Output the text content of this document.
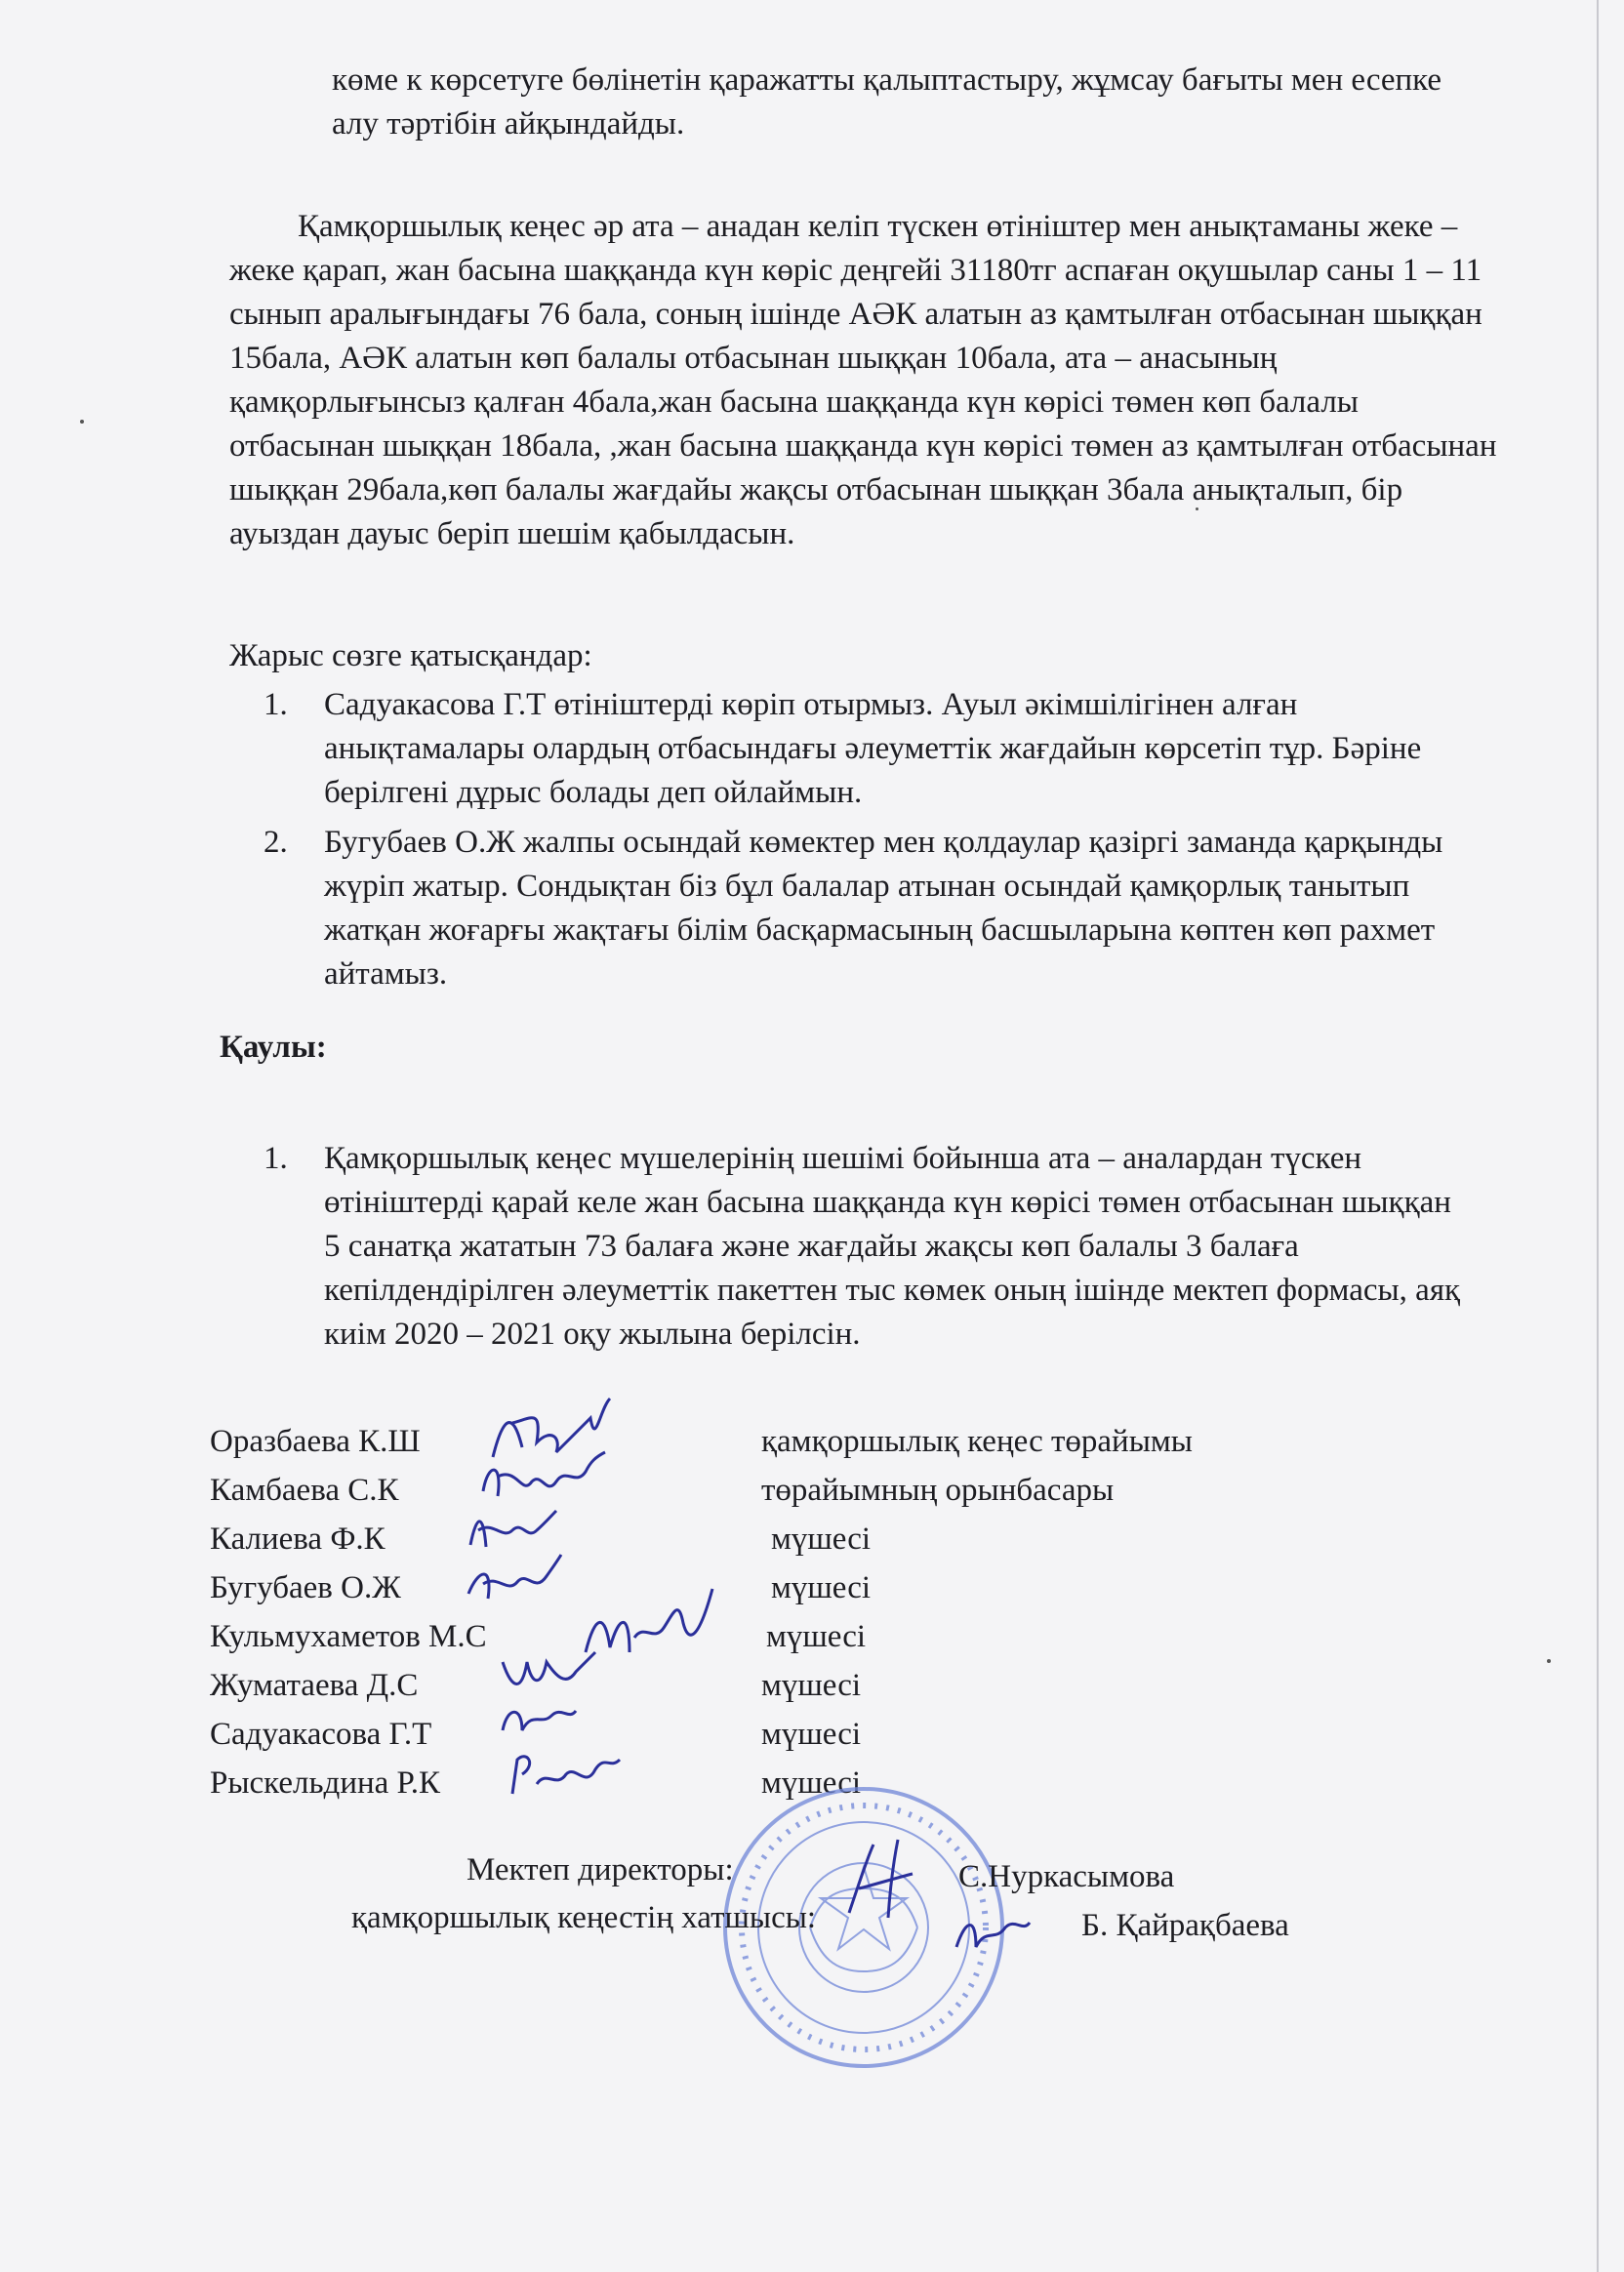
көме к көрсетуге бөлінетін қаражатты қалыптастыру, жұмсау бағыты мен есепке алу тәртібін айқындайды.
Қамқоршылық кеңес әр ата – анадан келіп түскен өтініштер мен анықтаманы жеке – жеке қарап, жан басына шаққанда күн көріс деңгейі 31180тг аспаған оқушылар саны 1 – 11 сынып аралығындағы 76 бала, соның ішінде АӘК алатын аз қамтылған отбасынан шыққан 15бала, АӘК алатын көп балалы отбасынан шыққан 10бала, ата – анасының қамқорлығынсыз қалған 4бала,жан басына шаққанда күн көрісі төмен көп балалы отбасынан шыққан 18бала, ,жан басына шаққанда күн көрісі төмен аз қамтылған отбасынан шыққан 29бала,көп балалы жағдайы жақсы отбасынан шыққан 3бала анықталып, бір ауыздан дауыс беріп шешім қабылдасын.
Жарыс сөзге қатысқандар:
1. Садуакасова Г.Т өтініштерді көріп отырмыз. Ауыл әкімшілігінен алған анықтамалары олардың отбасындағы әлеуметтік жағдайын көрсетіп тұр. Бәріне берілгені дұрыс болады деп ойлаймын.
2. Бугубаев О.Ж жалпы осындай көмектер мен қолдаулар қазіргі заманда қарқынды жүріп жатыр. Сондықтан біз бұл балалар атынан осындай қамқорлық танытып жатқан жоғарғы жақтағы білім басқармасының басшыларына көптен көп рахмет айтамыз.
Қаулы:
1. Қамқоршылық кеңес мүшелерінің шешімі бойынша ата – аналардан түскен өтініштерді қарай келе жан басына шаққанда күн көрісі төмен отбасынан шыққан 5 санатқа жататын 73 балаға және жағдайы жақсы көп балалы 3 балаға кепілдендірілген әлеуметтік пакеттен тыс көмек оның ішінде мектеп формасы, аяқ киім 2020 – 2021 оқу жылына берілсін.
Оразбаева К.Ш	қамқоршылық кеңес төрайымы
Камбаева С.К	төрайымның орынбасары
Калиева Ф.К	мүшесі
Бугубаев О.Ж	мүшесі
Кульмухаметов М.С	мүшесі
Жуматаева Д.С	мүшесі
Садуакасова Г.Т	мүшесі
Рыскельдина Р.К	мүшесі
Мектеп директоры:	С.Нуркасымова
қамқоршылық кеңестің хатшысы:	Б. Қайрақбаева
